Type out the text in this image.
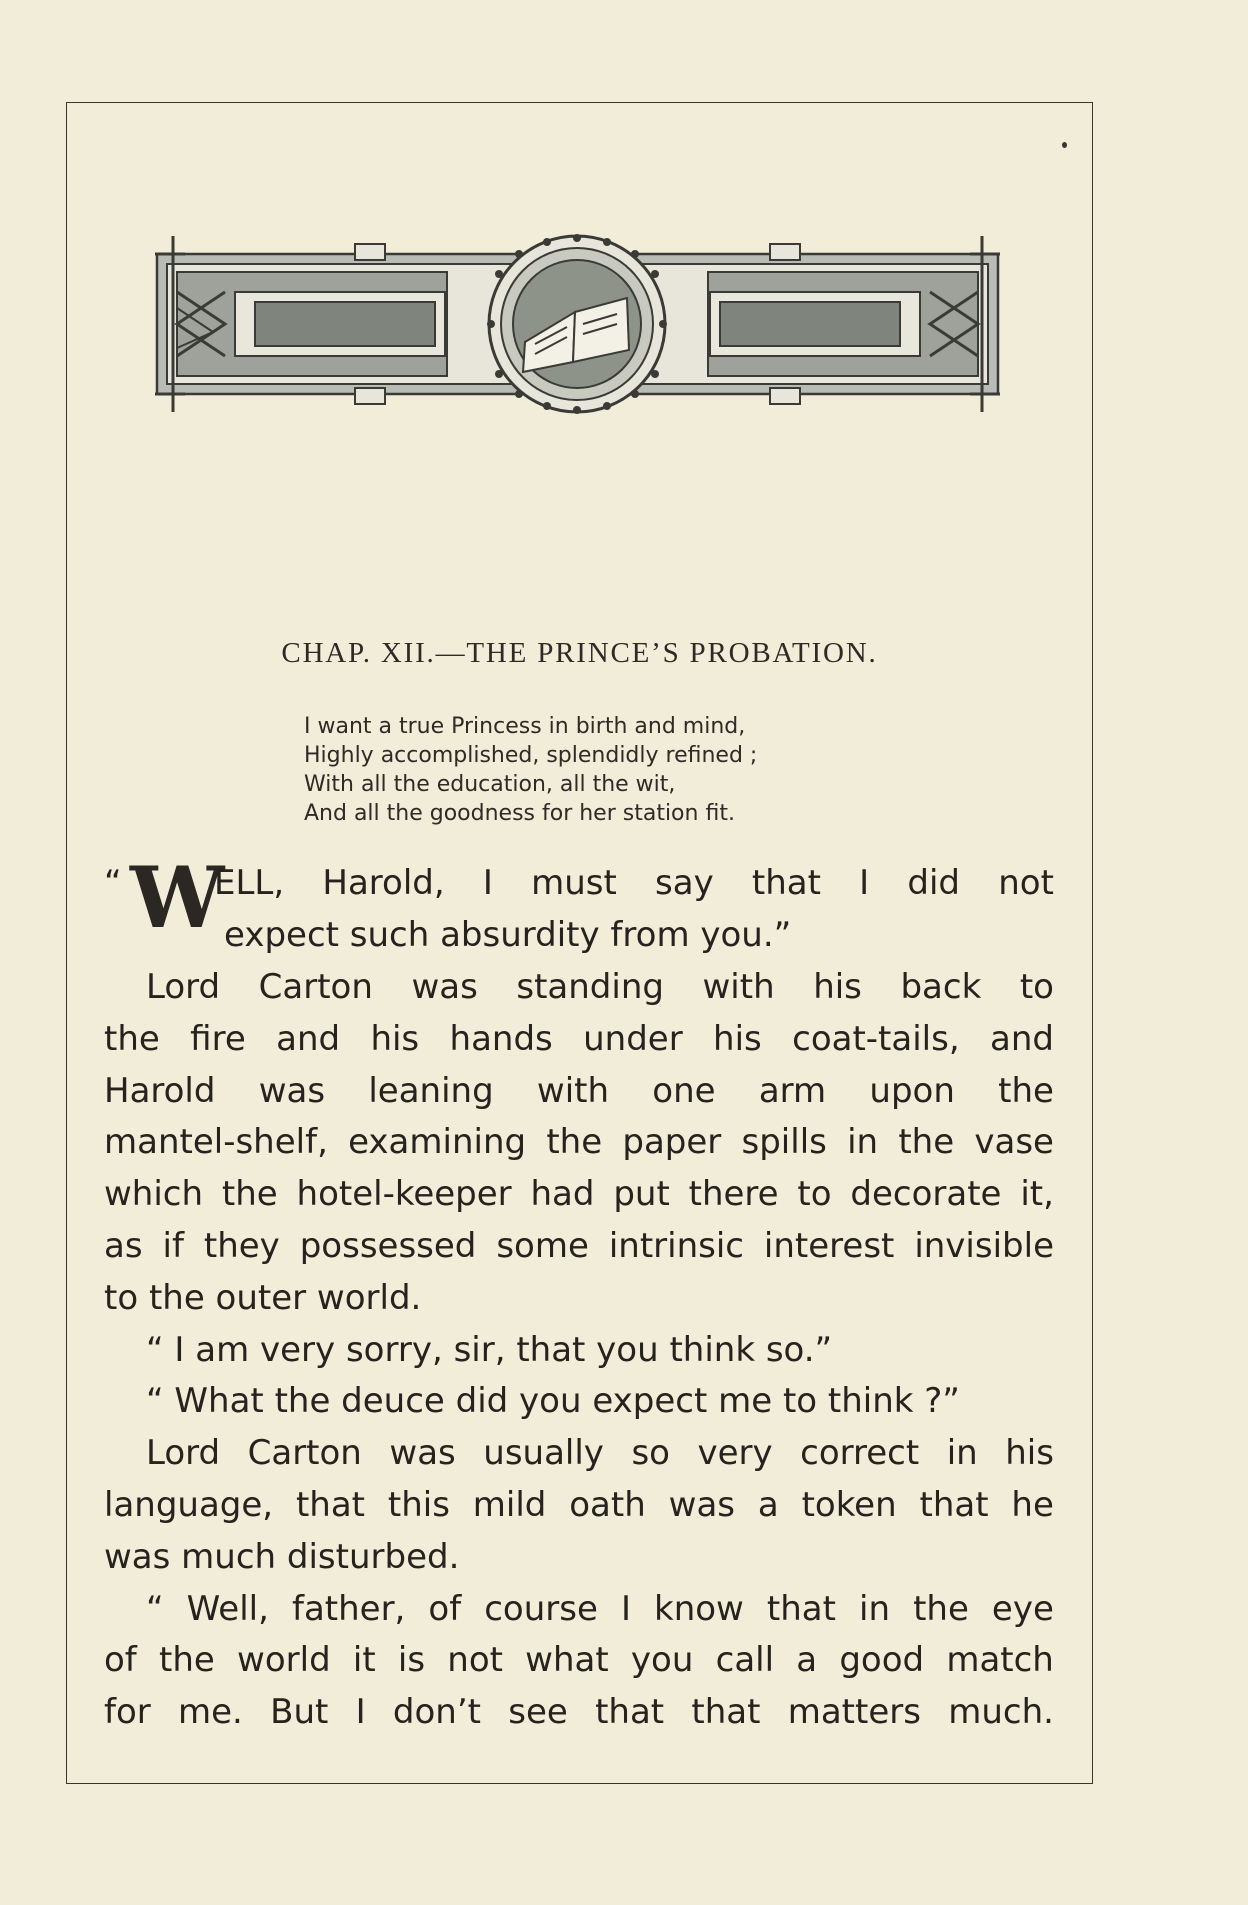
CHAP. XII.—THE PRINCE’S PROBATION.
I want a true Princess in birth and mind,
Highly accomplished, splendidly refined ;
With all the education, all the wit,
And all the goodness for her station fit.
“ W
ELL, Harold, I must say that I did not
expect such absurdity from you.”
Lord Carton was standing with his back to
the fire and his hands under his coat-tails, and
Harold was leaning with one arm upon the
mantel-shelf, examining the paper spills in the vase
which the hotel-keeper had put there to decorate it,
as if they possessed some intrinsic interest invisible
to the outer world.
“ I am very sorry, sir, that you think so.”
“ What the deuce did you expect me to think ?”
Lord Carton was usually so very correct in his
language, that this mild oath was a token that he
was much disturbed.
“ Well, father, of course I know that in the eye
of the world it is not what you call a good match
for me. But I don’t see that that matters much.
